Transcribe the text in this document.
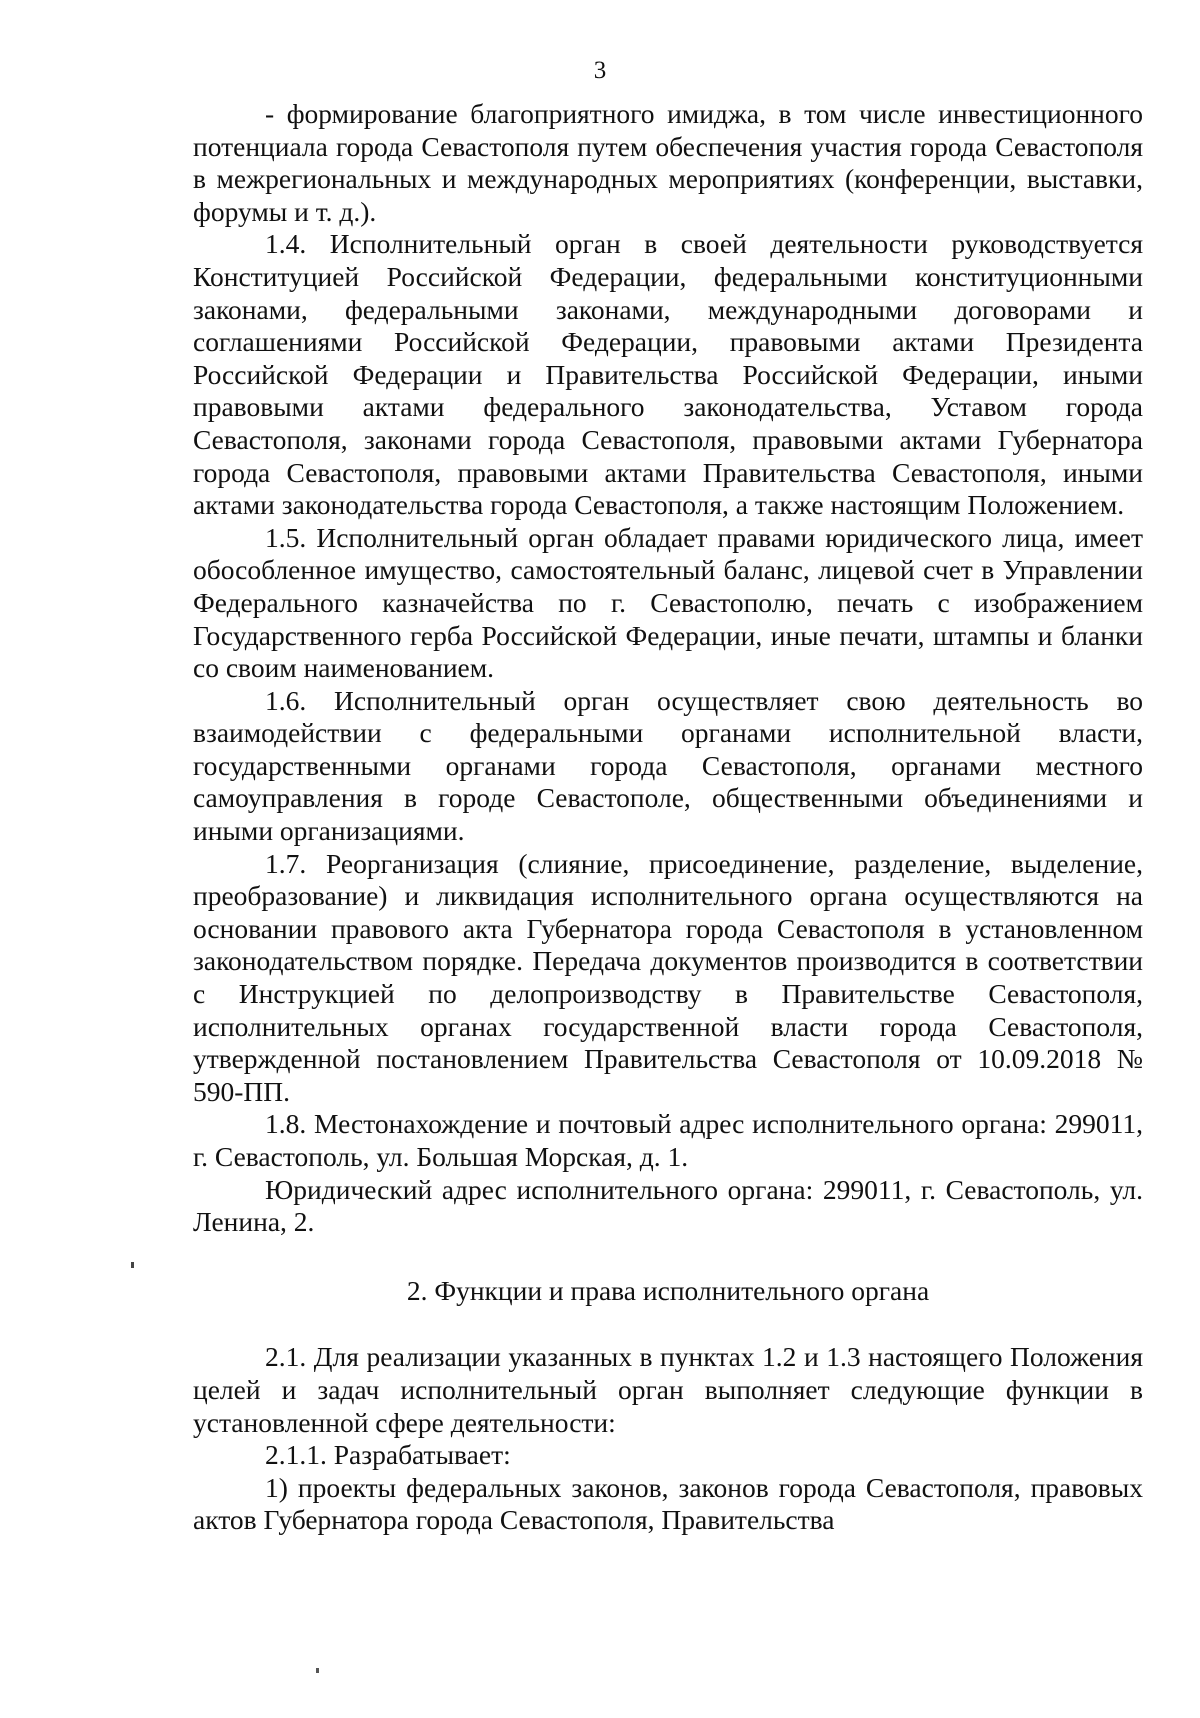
3

- формирование благоприятного имиджа, в том числе инвестиционного потенциала города Севастополя путем обеспечения участия города Севастополя в межрегиональных и международных мероприятиях (конференции, выставки, форумы и т. д.).

1.4. Исполнительный орган в своей деятельности руководствуется Конституцией Российской Федерации, федеральными конституционными законами, федеральными законами, международными договорами и соглашениями Российской Федерации, правовыми актами Президента Российской Федерации и Правительства Российской Федерации, иными правовыми актами федерального законодательства, Уставом города Севастополя, законами города Севастополя, правовыми актами Губернатора города Севастополя, правовыми актами Правительства Севастополя, иными актами законодательства города Севастополя, а также настоящим Положением.

1.5. Исполнительный орган обладает правами юридического лица, имеет обособленное имущество, самостоятельный баланс, лицевой счет в Управлении Федерального казначейства по г. Севастополю, печать с изображением Государственного герба Российской Федерации, иные печати, штампы и бланки со своим наименованием.

1.6. Исполнительный орган осуществляет свою деятельность во взаимодействии с федеральными органами исполнительной власти, государственными органами города Севастополя, органами местного самоуправления в городе Севастополе, общественными объединениями и иными организациями.

1.7. Реорганизация (слияние, присоединение, разделение, выделение, преобразование) и ликвидация исполнительного органа осуществляются на основании правового акта Губернатора города Севастополя в установленном законодательством порядке. Передача документов производится в соответствии с Инструкцией по делопроизводству в Правительстве Севастополя, исполнительных органах государственной власти города Севастополя, утвержденной постановлением Правительства Севастополя от 10.09.2018 № 590-ПП.

1.8. Местонахождение и почтовый адрес исполнительного органа: 299011, г. Севастополь, ул. Большая Морская, д. 1.

Юридический адрес исполнительного органа: 299011, г. Севастополь, ул. Ленина, 2.

2. Функции и права исполнительного органа

2.1. Для реализации указанных в пунктах 1.2 и 1.3 настоящего Положения целей и задач исполнительный орган выполняет следующие функции в установленной сфере деятельности:

2.1.1. Разрабатывает:

1) проекты федеральных законов, законов города Севастополя, правовых актов Губернатора города Севастополя, Правительства
